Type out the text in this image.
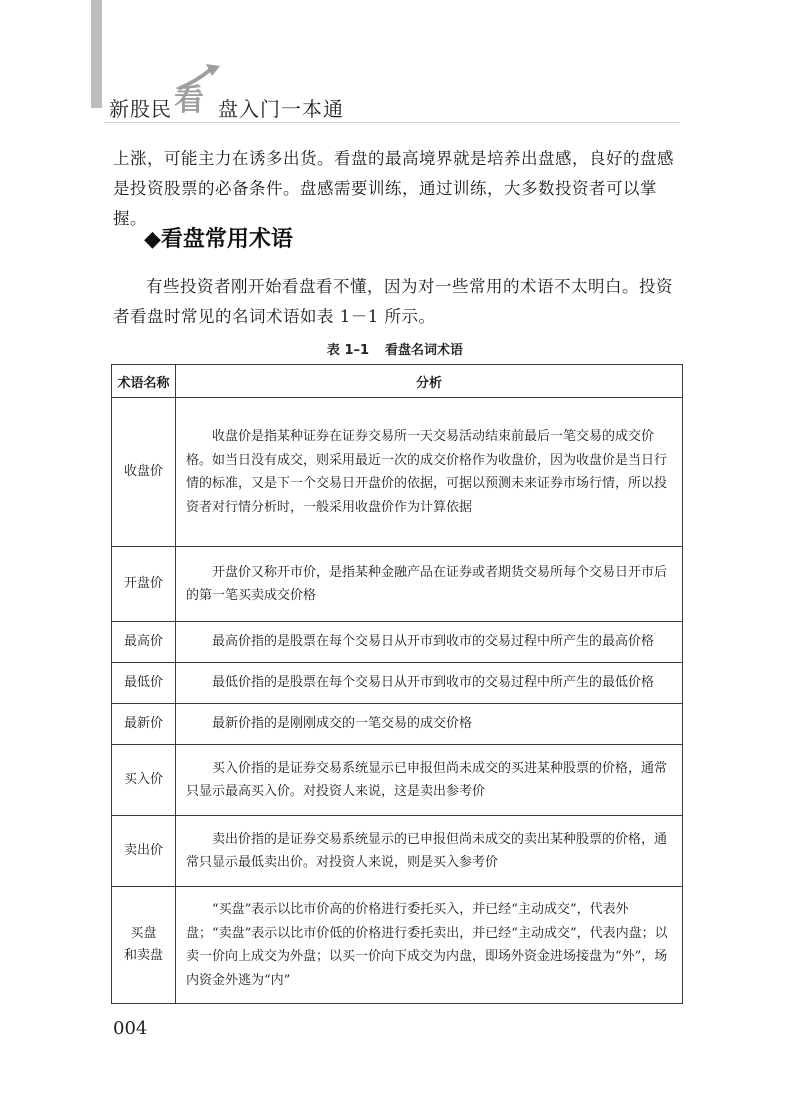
新股民 看 盘入门一本通

上涨，可能主力在诱多出货。看盘的最高境界就是培养出盘感，良好的盘感是投资股票的必备条件。盘感需要训练，通过训练，大多数投资者可以掌握。

◆看盘常用术语

有些投资者刚开始看盘看不懂，因为对一些常用的术语不太明白。投资者看盘时常见的名词术语如表 1－1 所示。

表 1–1 看盘名词术语
术语名称	分析
收盘价	收盘价是指某种证券在证券交易所一天交易活动结束前最后一笔交易的成交价格。如当日没有成交，则采用最近一次的成交价格作为收盘价，因为收盘价是当日行情的标准，又是下一个交易日开盘价的依据，可据以预测未来证券市场行情，所以投资者对行情分析时，一般采用收盘价作为计算依据
开盘价	开盘价又称开市价，是指某种金融产品在证券或者期货交易所每个交易日开市后的第一笔买卖成交价格
最高价	最高价指的是股票在每个交易日从开市到收市的交易过程中所产生的最高价格
最低价	最低价指的是股票在每个交易日从开市到收市的交易过程中所产生的最低价格
最新价	最新价指的是刚刚成交的一笔交易的成交价格
买入价	买入价指的是证券交易系统显示已申报但尚未成交的买进某种股票的价格，通常只显示最高买入价。对投资人来说，这是卖出参考价
卖出价	卖出价指的是证券交易系统显示的已申报但尚未成交的卖出某种股票的价格，通常只显示最低卖出价。对投资人来说，则是买入参考价

买盘
和卖盘	“买盘”表示以比市价高的价格进行委托买入，并已经“主动成交”，代表外盘；“卖盘”表示以比市价低的价格进行委托卖出，并已经“主动成交”，代表内盘；以卖一价向上成交为外盘；以买一价向下成交为内盘，即场外资金进场接盘为“外”，场内资金外逃为“内”
004
